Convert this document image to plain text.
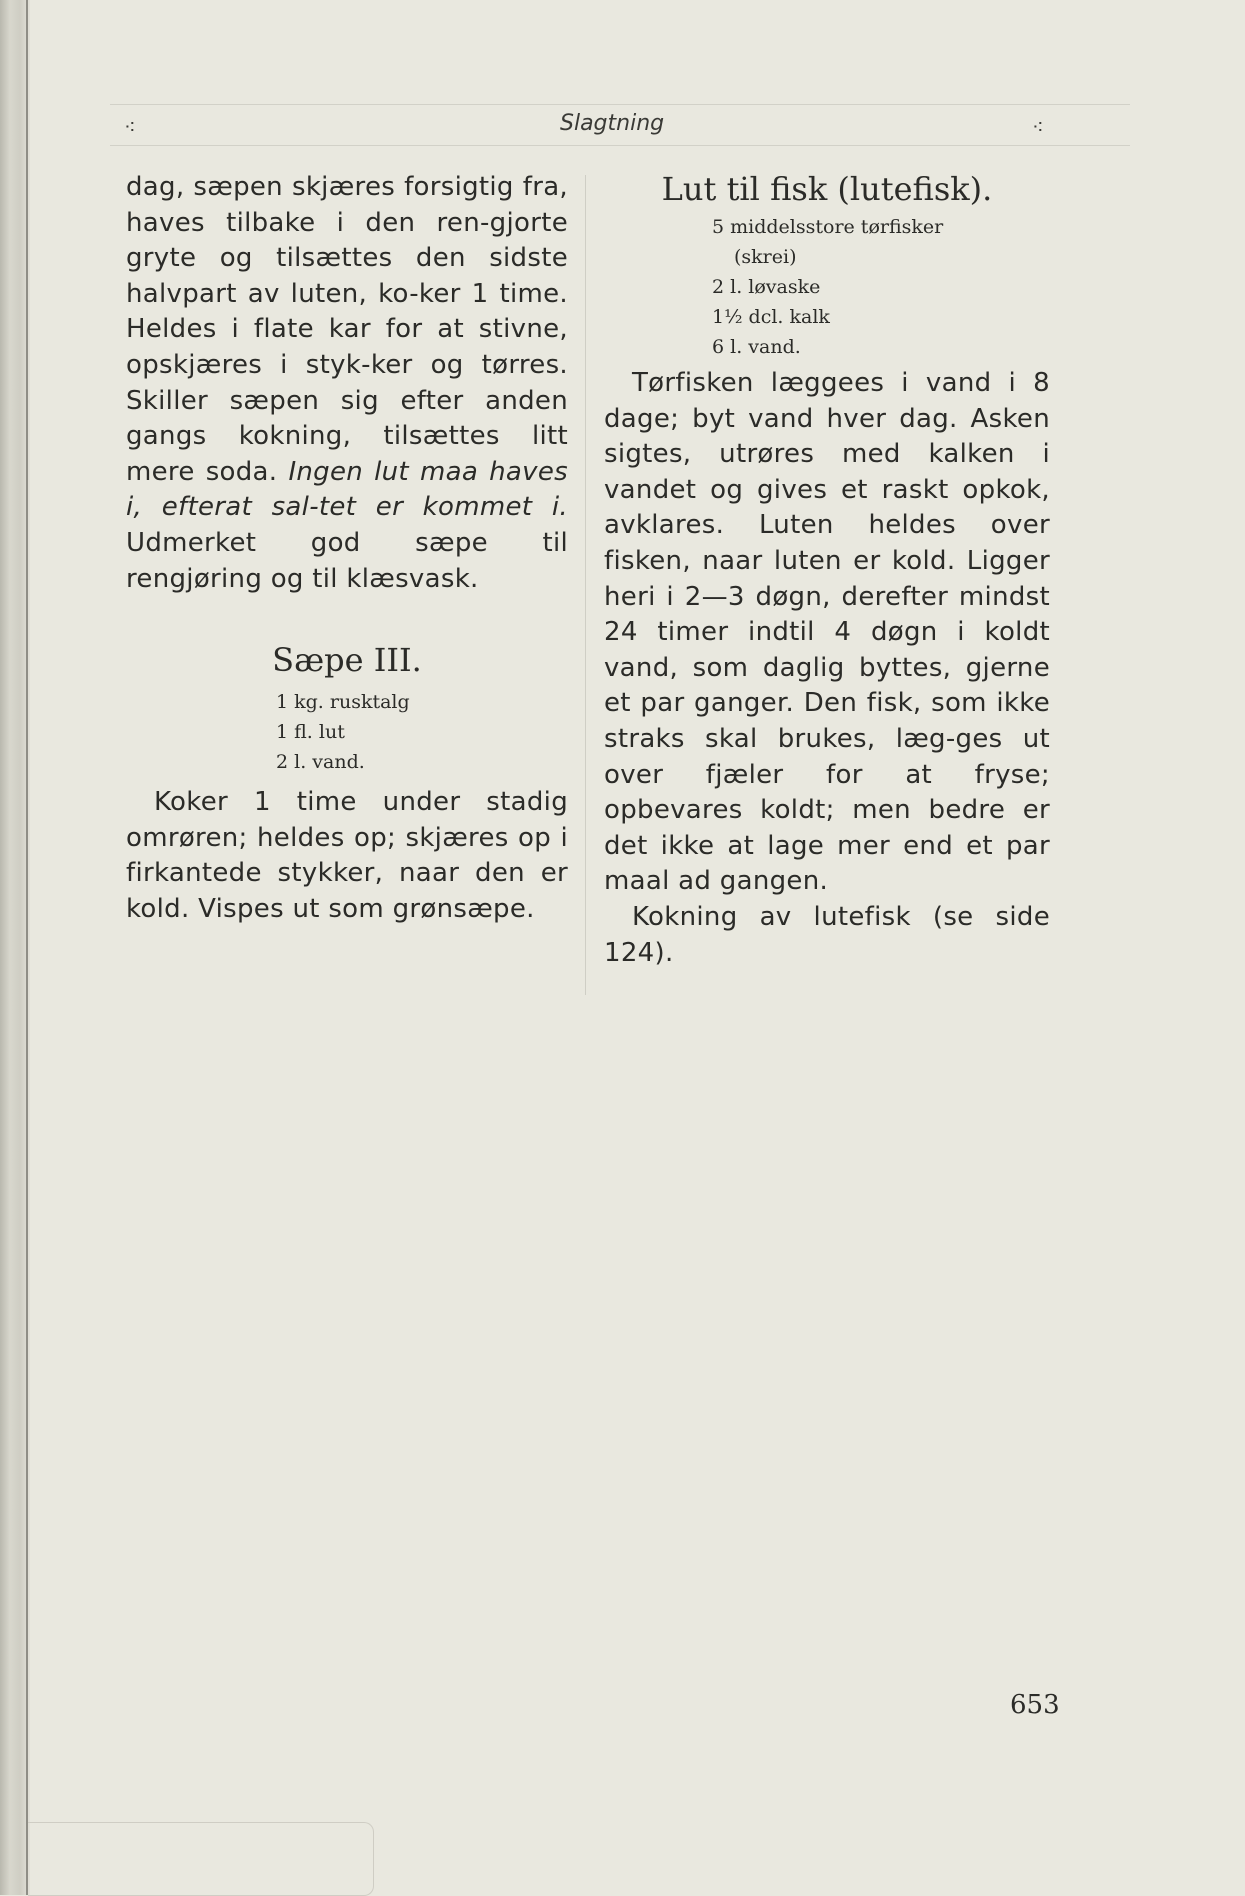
⁖	Slagtning	⁖

dag, sæpen skjæres forsigtig fra, haves tilbake i den ren-gjorte gryte og tilsættes den sidste halvpart av luten, ko-ker 1 time. Heldes i flate kar for at stivne, opskjæres i styk-ker og tørres. Skiller sæpen sig efter anden gangs kokning, tilsættes litt mere soda. Ingen lut maa haves i, efterat sal-tet er kommet i. Udmerket god sæpe til rengjøring og til klæsvask.

Sæpe III.
1 kg. rusktalg
1 fl. lut
2 l. vand.

Koker 1 time under stadig omrøren; heldes op; skjæres op i firkantede stykker, naar den er kold. Vispes ut som grønsæpe.

Lut til fisk (lutefisk).
5 middelsstore tørfisker
(skrei)
2 l. løvaske
1½ dcl. kalk
6 l. vand.

Tørfisken læggees i vand i 8 dage; byt vand hver dag. Asken sigtes, utrøres med kalken i vandet og gives et raskt opkok, avklares. Luten heldes over fisken, naar luten er kold. Ligger heri i 2—3 døgn, derefter mindst 24 timer indtil 4 døgn i koldt vand, som daglig byttes, gjerne et par ganger. Den fisk, som ikke straks skal brukes, læg-ges ut over fjæler for at fryse; opbevares koldt; men bedre er det ikke at lage mer end et par maal ad gangen.

Kokning av lutefisk (se side 124).

653
